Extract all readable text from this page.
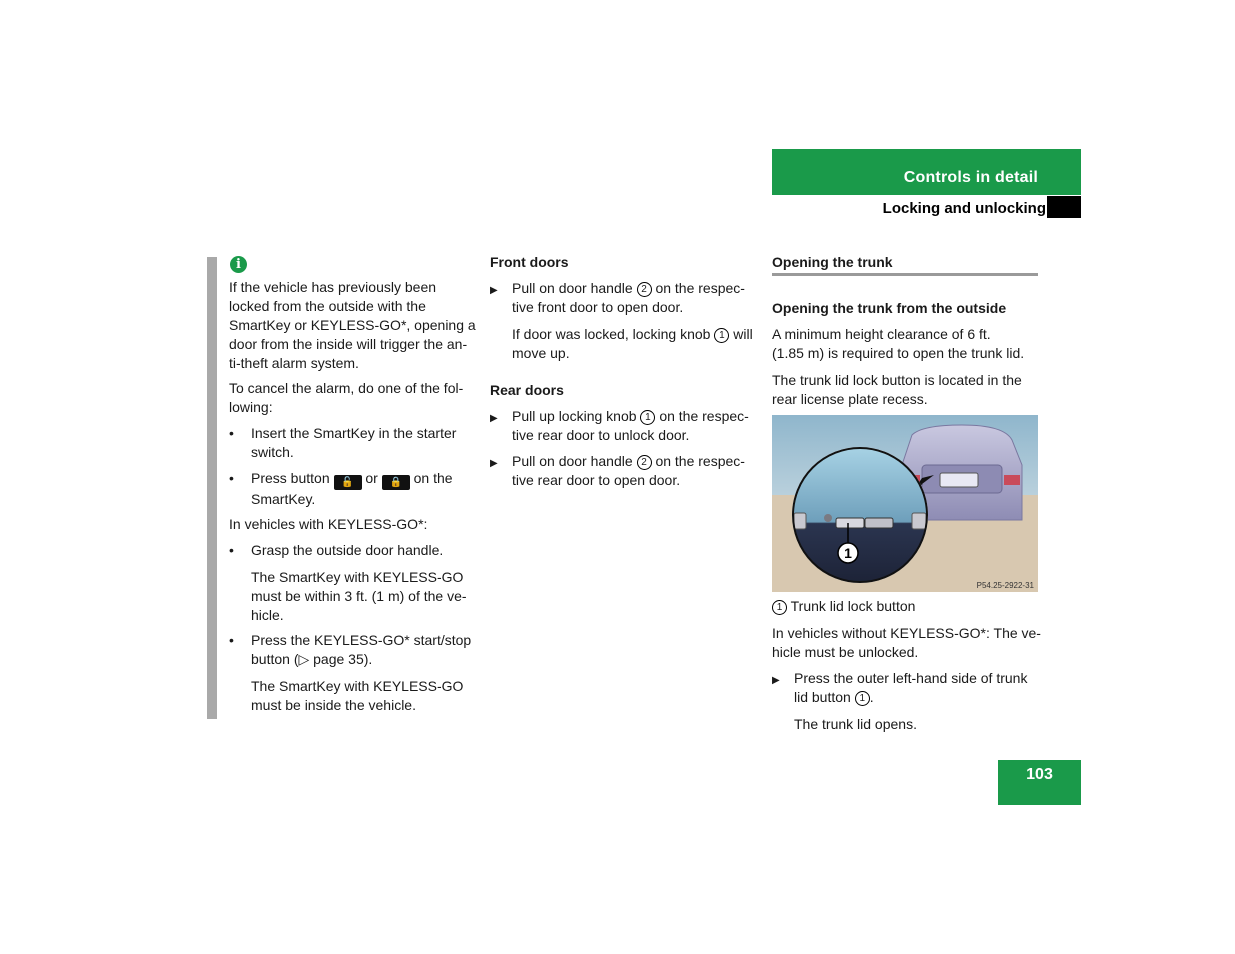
Controls in detail
Locking and unlocking
i

If the vehicle has previously been

locked from the outside with the

SmartKey or KEYLESS-GO*, opening a

door from the inside will trigger the an-

ti-theft alarm system.

To cancel the alarm, do one of the fol-

lowing:

• Insert the SmartKey in the starter

switch.

• Press button 🔓 or 🔒 on the

SmartKey.

In vehicles with KEYLESS-GO*:

• Grasp the outside door handle.

The SmartKey with KEYLESS-GO

must be within 3 ft. (1 m) of the ve-

hicle.

• Press the KEYLESS-GO* start/stop

button (▷ page 35).

The SmartKey with KEYLESS-GO

must be inside the vehicle.

Front doors
▶ Pull on door handle 2 on the respec-

tive front door to open door.

If door was locked, locking knob 1 will

move up.

Rear doors
▶ Pull up locking knob 1 on the respec-

tive rear door to unlock door.

▶ Pull on door handle 2 on the respec-

tive rear door to open door.

Opening the trunk
Opening the trunk from the outside

A minimum height clearance of 6 ft.

(1.85 m) is required to open the trunk lid.

The trunk lid lock button is located in the

rear license plate recess.

1
P54.25-2922-31

1 Trunk lid lock button

In vehicles without KEYLESS-GO*: The ve-

hicle must be unlocked.

▶ Press the outer left-hand side of trunk

lid button 1 .

The trunk lid opens.

103
